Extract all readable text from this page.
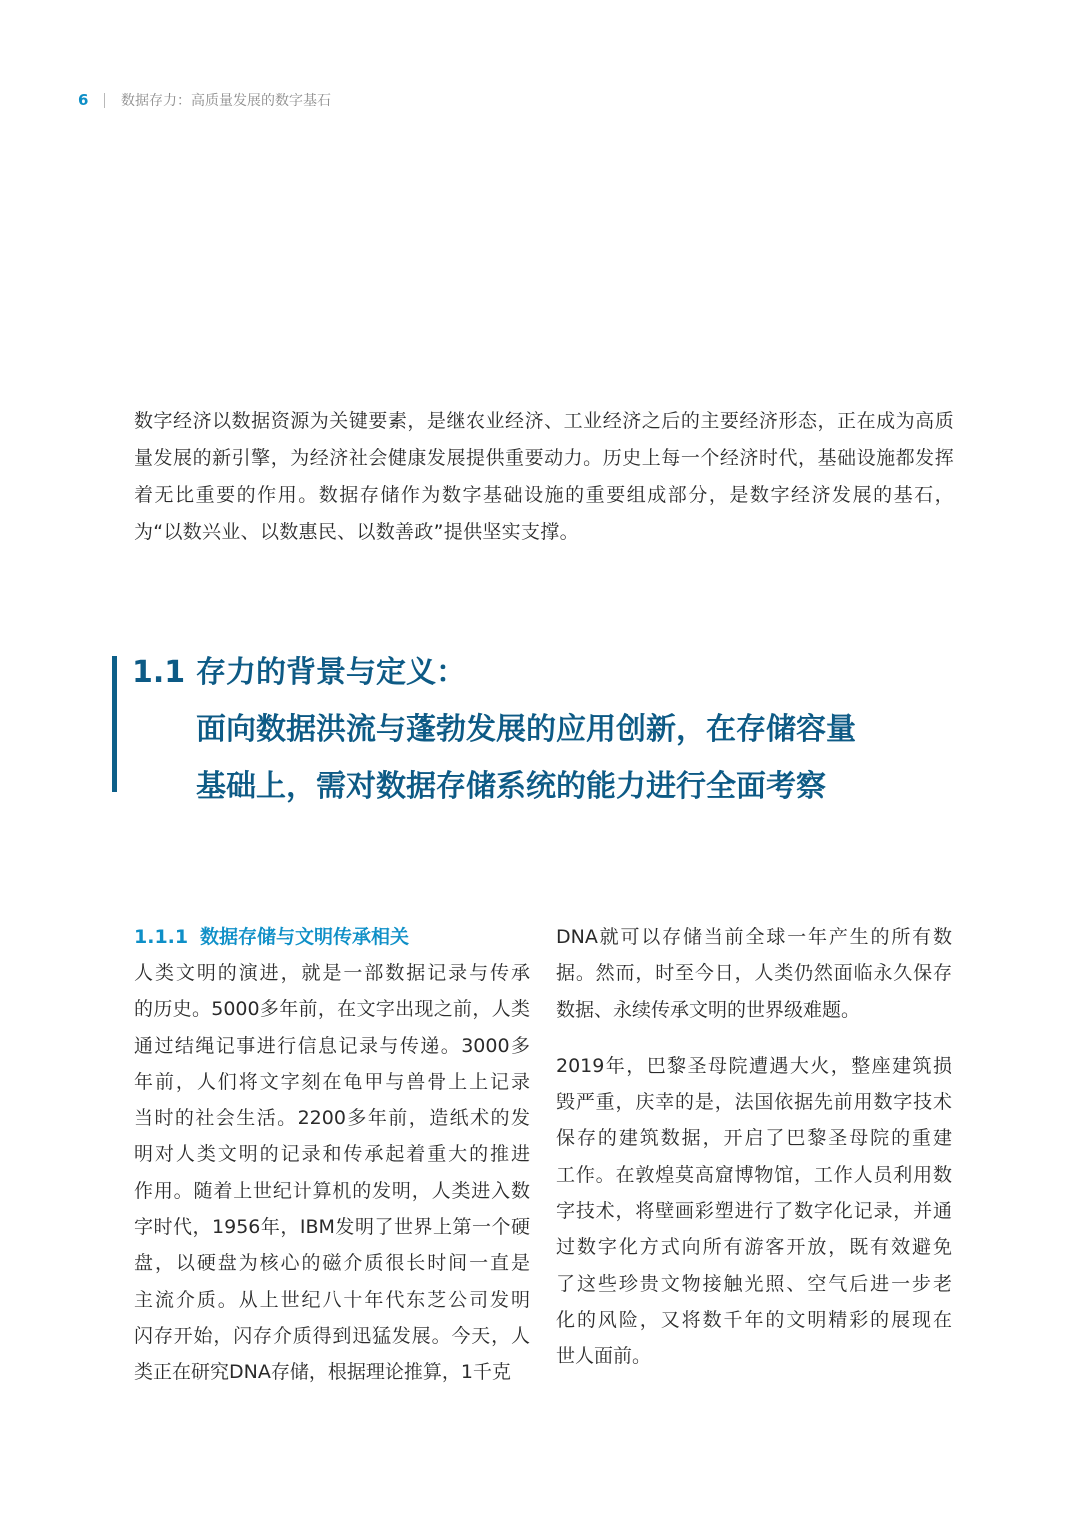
6	数据存力：高质量发展的数字基石

数字经济以数据资源为关键要素，是继农业经济、工业经济之后的主要经济形态，正在成为高质量发展的新引擎，为经济社会健康发展提供重要动力。历史上每一个经济时代，基础设施都发挥着无比重要的作用。数据存储作为数字基础设施的重要组成部分，是数字经济发展的基石，为“以数兴业、以数惠民、以数善政”提供坚实支撑。

1.1 存力的背景与定义：
面向数据洪流与蓬勃发展的应用创新，在存储容量
基础上，需对数据存储系统的能力进行全面考察
1.1.1 数据存储与文明传承相关
人类文明的演进，就是一部数据记录与传承
的历史。5000多年前，在文字出现之前，人类
通过结绳记事进行信息记录与传递。3000多
年前，人们将文字刻在龟甲与兽骨上上记录
当时的社会生活。2200多年前，造纸术的发
明对人类文明的记录和传承起着重大的推进
作用。随着上世纪计算机的发明，人类进入数
字时代，1956年，IBM发明了世界上第一个硬
盘，以硬盘为核心的磁介质很长时间一直是
主流介质。从上世纪八十年代东芝公司发明
闪存开始，闪存介质得到迅猛发展。今天，人
类正在研究DNA存储，根据理论推算，1千克
DNA就可以存储当前全球一年产生的所有数
据。然而，时至今日，人类仍然面临永久保存
数据、永续传承文明的世界级难题。
2019年，巴黎圣母院遭遇大火，整座建筑损
毁严重，庆幸的是，法国依据先前用数字技术
保存的建筑数据，开启了巴黎圣母院的重建
工作。在敦煌莫高窟博物馆，工作人员利用数
字技术，将壁画彩塑进行了数字化记录，并通
过数字化方式向所有游客开放，既有效避免
了这些珍贵文物接触光照、空气后进一步老
化的风险，又将数千年的文明精彩的展现在
世人面前。
